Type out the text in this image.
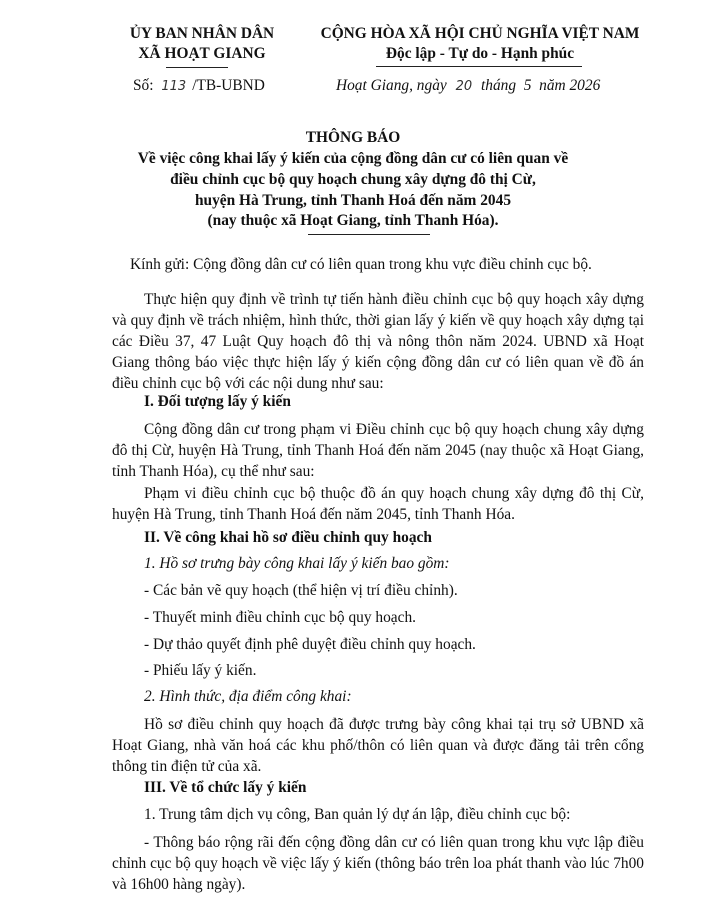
ỦY BAN NHÂN DÂN
XÃ HOẠT GIANG
CỘNG HÒA XÃ HỘI CHỦ NGHĨA VIỆT NAM
Độc lập - Tự do - Hạnh phúc
Số: 113 /TB-UBND	Hoạt Giang, ngày 20 tháng  5  năm 2026
THÔNG BÁO
Về việc công khai lấy ý kiến của cộng đồng dân cư có liên quan về
điều chỉnh cục bộ quy hoạch chung xây dựng đô thị Cừ,
huyện Hà Trung, tỉnh Thanh Hoá đến năm 2045
(nay thuộc xã Hoạt Giang, tỉnh Thanh Hóa).
Kính gửi: Cộng đồng dân cư có liên quan trong khu vực điều chỉnh cục bộ.
Thực hiện quy định về trình tự tiến hành điều chỉnh cục bộ quy hoạch xây dựng và quy định về trách nhiệm, hình thức, thời gian lấy ý kiến về quy hoạch xây dựng tại các Điều 37, 47 Luật Quy hoạch đô thị và nông thôn năm 2024. UBND xã Hoạt Giang thông báo việc thực hiện lấy ý kiến cộng đồng dân cư có liên quan về đồ án điều chỉnh cục bộ với các nội dung như sau:
I. Đối tượng lấy ý kiến
Cộng đồng dân cư trong phạm vi Điều chỉnh cục bộ quy hoạch chung xây dựng đô thị Cừ, huyện Hà Trung, tỉnh Thanh Hoá đến năm 2045 (nay thuộc xã Hoạt Giang, tỉnh Thanh Hóa), cụ thể như sau:
Phạm vi điều chỉnh cục bộ thuộc đồ án quy hoạch chung xây dựng đô thị Cừ, huyện Hà Trung, tỉnh Thanh Hoá đến năm 2045, tỉnh Thanh Hóa.
II. Về công khai hồ sơ điều chỉnh quy hoạch
1. Hồ sơ trưng bày công khai lấy ý kiến bao gồm:
- Các bản vẽ quy hoạch (thể hiện vị trí điều chỉnh).
- Thuyết minh điều chỉnh cục bộ quy hoạch.
- Dự thảo quyết định phê duyệt điều chỉnh quy hoạch.
- Phiếu lấy ý kiến.
2. Hình thức, địa điểm công khai:
Hồ sơ điều chỉnh quy hoạch đã được trưng bày công khai tại trụ sở UBND xã Hoạt Giang, nhà văn hoá các khu phố/thôn có liên quan và được đăng tải trên cổng thông tin điện tử của xã.
III. Về tổ chức lấy ý kiến
1. Trung tâm dịch vụ công, Ban quản lý dự án lập, điều chỉnh cục bộ:
- Thông báo rộng rãi đến cộng đồng dân cư có liên quan trong khu vực lập điều chỉnh cục bộ quy hoạch về việc lấy ý kiến (thông báo trên loa phát thanh vào lúc 7h00 và 16h00 hàng ngày).
